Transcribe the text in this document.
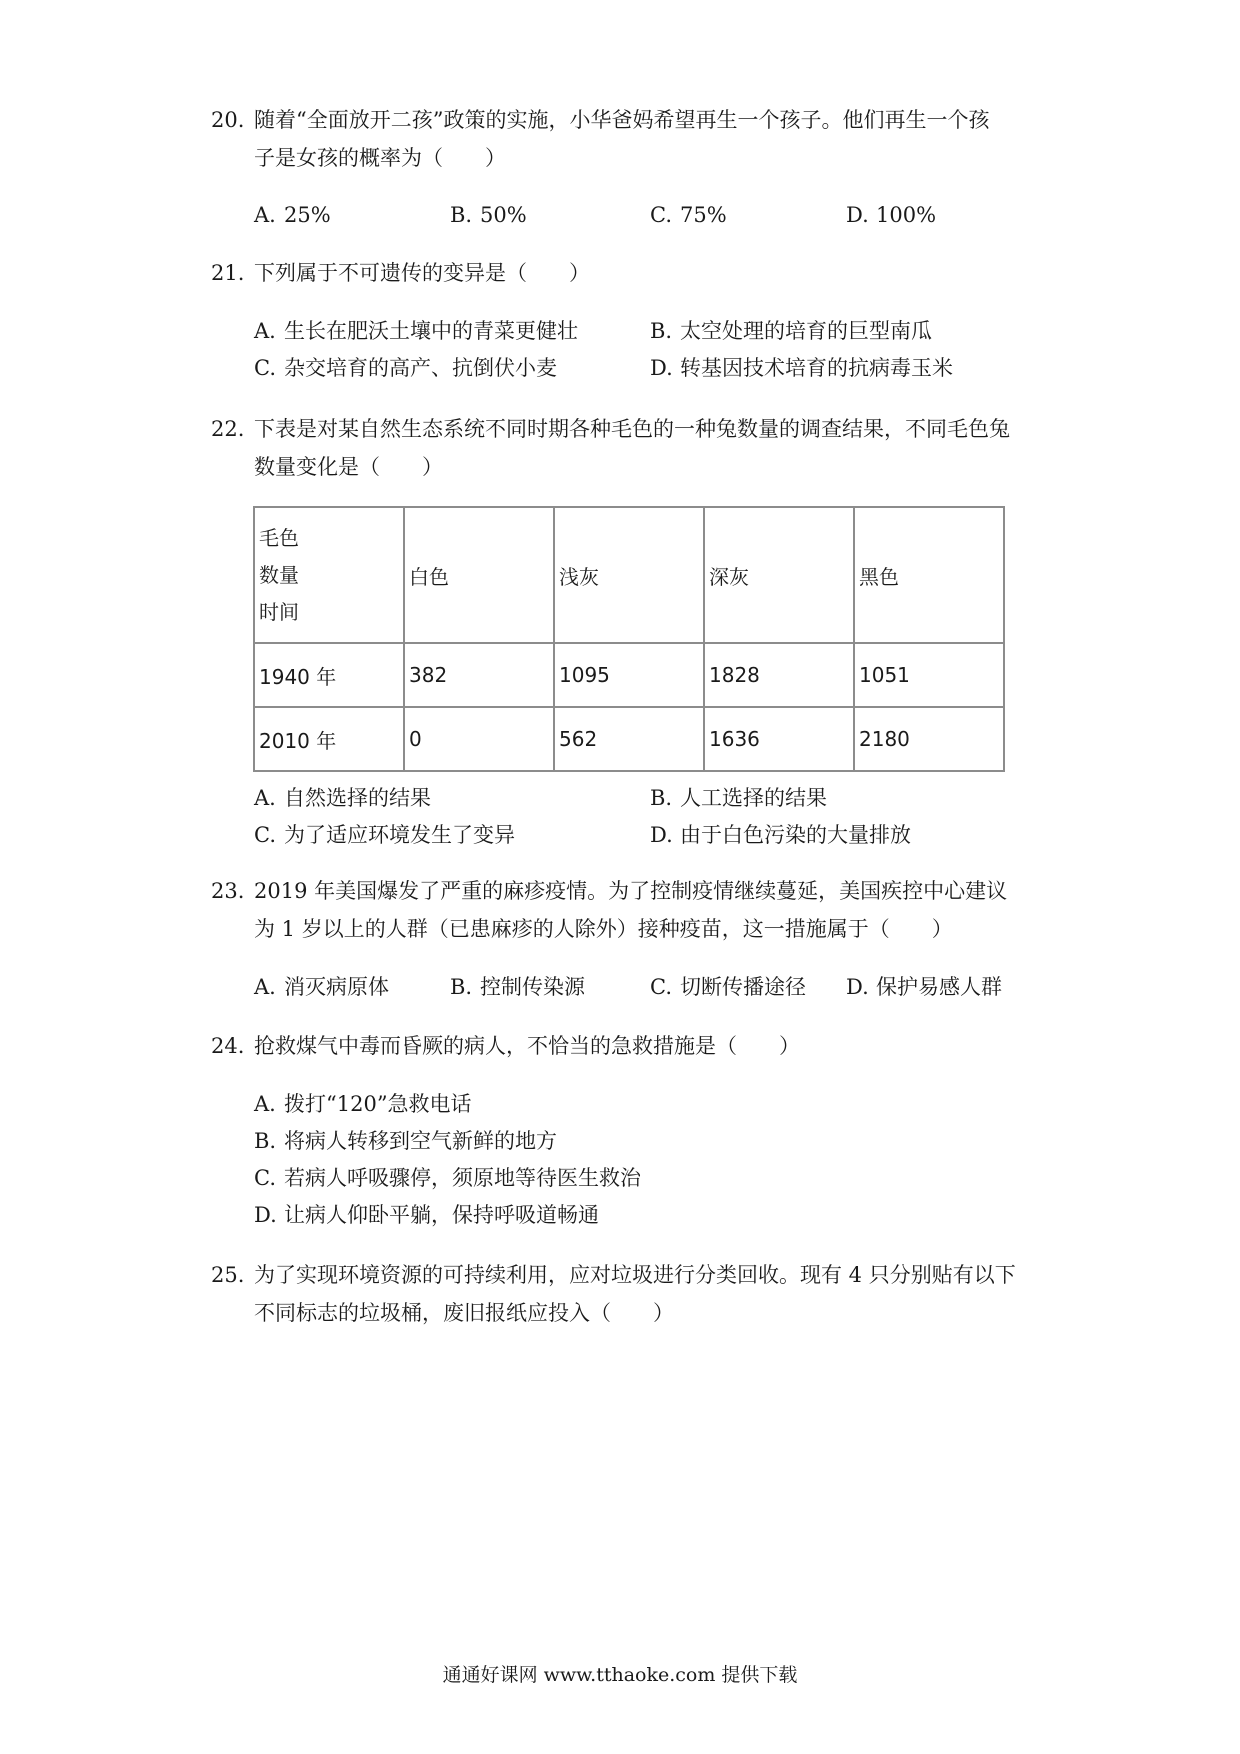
20. 随着“全面放开二孩”政策的实施，小华爸妈希望再生一个孩子。他们再生一个孩
子是女孩的概率为（　　）
A. 25%	B. 50%	C. 75%	D. 100%
21. 下列属于不可遗传的变异是（　　）
A. 生长在肥沃土壤中的青菜更健壮	B. 太空处理的培育的巨型南瓜
C. 杂交培育的高产、抗倒伏小麦	D. 转基因技术培育的抗病毒玉米
22. 下表是对某自然生态系统不同时期各种毛色的一种兔数量的调查结果，不同毛色兔
数量变化是（　　）
毛色
数量
时间	白色	浅灰	深灰	黑色
1940 年	382	1095	1828	1051
2010 年	0	562	1636	2180
A. 自然选择的结果	B. 人工选择的结果
C. 为了适应环境发生了变异	D. 由于白色污染的大量排放
23. 2019 年美国爆发了严重的麻疹疫情。为了控制疫情继续蔓延，美国疾控中心建议
为 1 岁以上的人群（已患麻疹的人除外）接种疫苗，这一措施属于（　　）
A. 消灭病原体	B. 控制传染源	C. 切断传播途径 D. 保护易感人群
24. 抢救煤气中毒而昏厥的病人，不恰当的急救措施是（　　）
A. 拨打“120”急救电话
B. 将病人转移到空气新鲜的地方
C. 若病人呼吸骤停，须原地等待医生救治
D. 让病人仰卧平躺，保持呼吸道畅通
25. 为了实现环境资源的可持续利用，应对垃圾进行分类回收。现有 4 只分别贴有以下
不同标志的垃圾桶，废旧报纸应投入（　　）
通通好课网 www.tthaoke.com 提供下载
